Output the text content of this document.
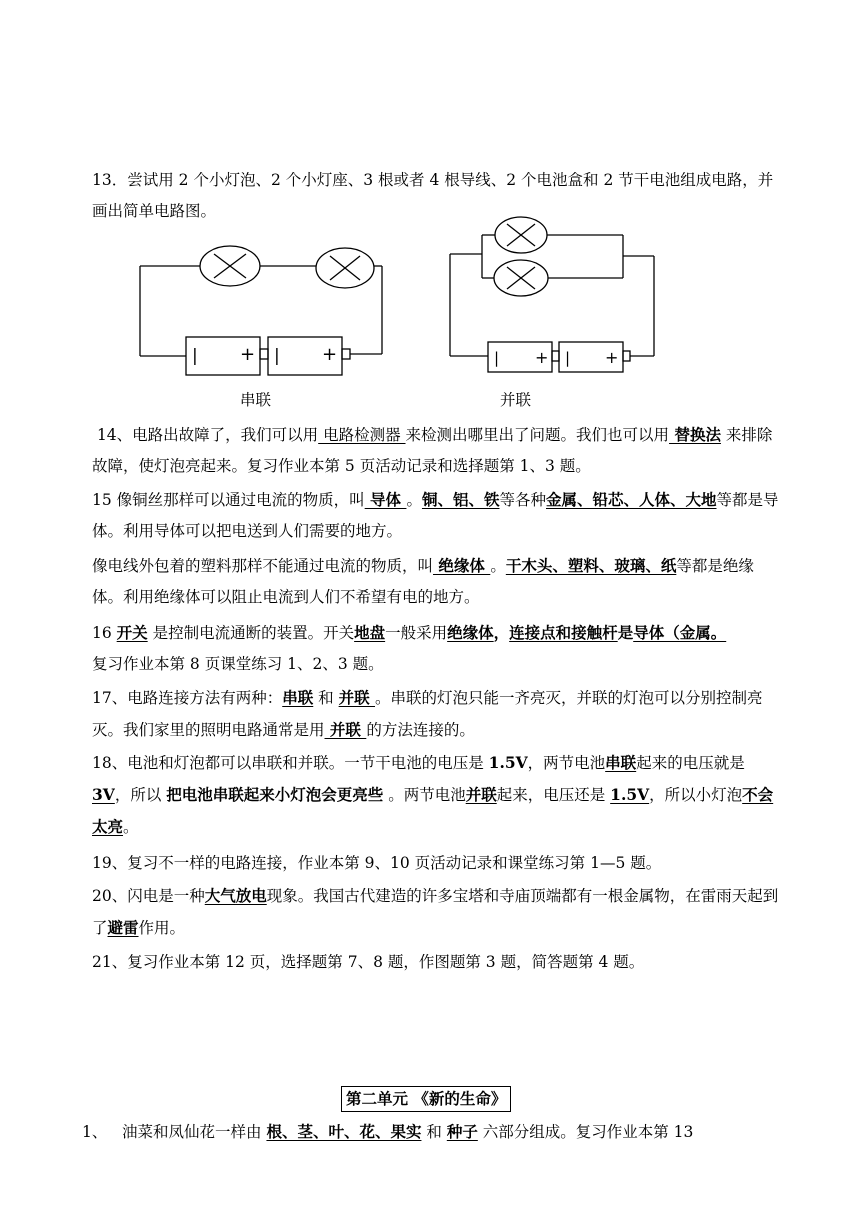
13．尝试用 2 个小灯泡、2 个小灯座、3 根或者 4 根导线、2 个电池盒和 2 节干电池组成电路，并画出简单电路图。
| + | +
串联
| + | +
并联
14、电路出故障了，我们可以用 电路检测器 来检测出哪里出了问题。我们也可以用 替换法 来排除故障，使灯泡亮起来。复习作业本第 5 页活动记录和选择题第 1、3 题。
15 像铜丝那样可以通过电流的物质，叫 导体 。铜、铝、铁等各种金属、铅芯、人体、大地等都是导体。利用导体可以把电送到人们需要的地方。
像电线外包着的塑料那样不能通过电流的物质，叫 绝缘体 。干木头、塑料、玻璃、纸等都是绝缘体。利用绝缘体可以阻止电流到人们不希望有电的地方。
16 开关 是控制电流通断的装置。开关地盘一般采用绝缘体，连接点和接触杆是导体（金属。
复习作业本第 8 页课堂练习 1、2、3 题。
17、电路连接方法有两种：串联 和 并联 。串联的灯泡只能一齐亮灭，并联的灯泡可以分别控制亮灭。我们家里的照明电路通常是用 并联 的方法连接的。
18、电池和灯泡都可以串联和并联。一节干电池的电压是 1.5V，两节电池串联起来的电压就是 3V，所以 把电池串联起来小灯泡会更亮些 。两节电池并联起来，电压还是 1.5V，所以小灯泡不会太亮。
19、复习不一样的电路连接，作业本第 9、10 页活动记录和课堂练习第 1—5 题。
20、闪电是一种大气放电现象。我国古代建造的许多宝塔和寺庙顶端都有一根金属物，在雷雨天起到了避雷作用。
21、复习作业本第 12 页，选择题第 7、8 题，作图题第 3 题，简答题第 4 题。
第二单元 《新的生命》
1、 油菜和凤仙花一样由 根、茎、叶、花、果实 和 种子 六部分组成。复习作业本第 13
